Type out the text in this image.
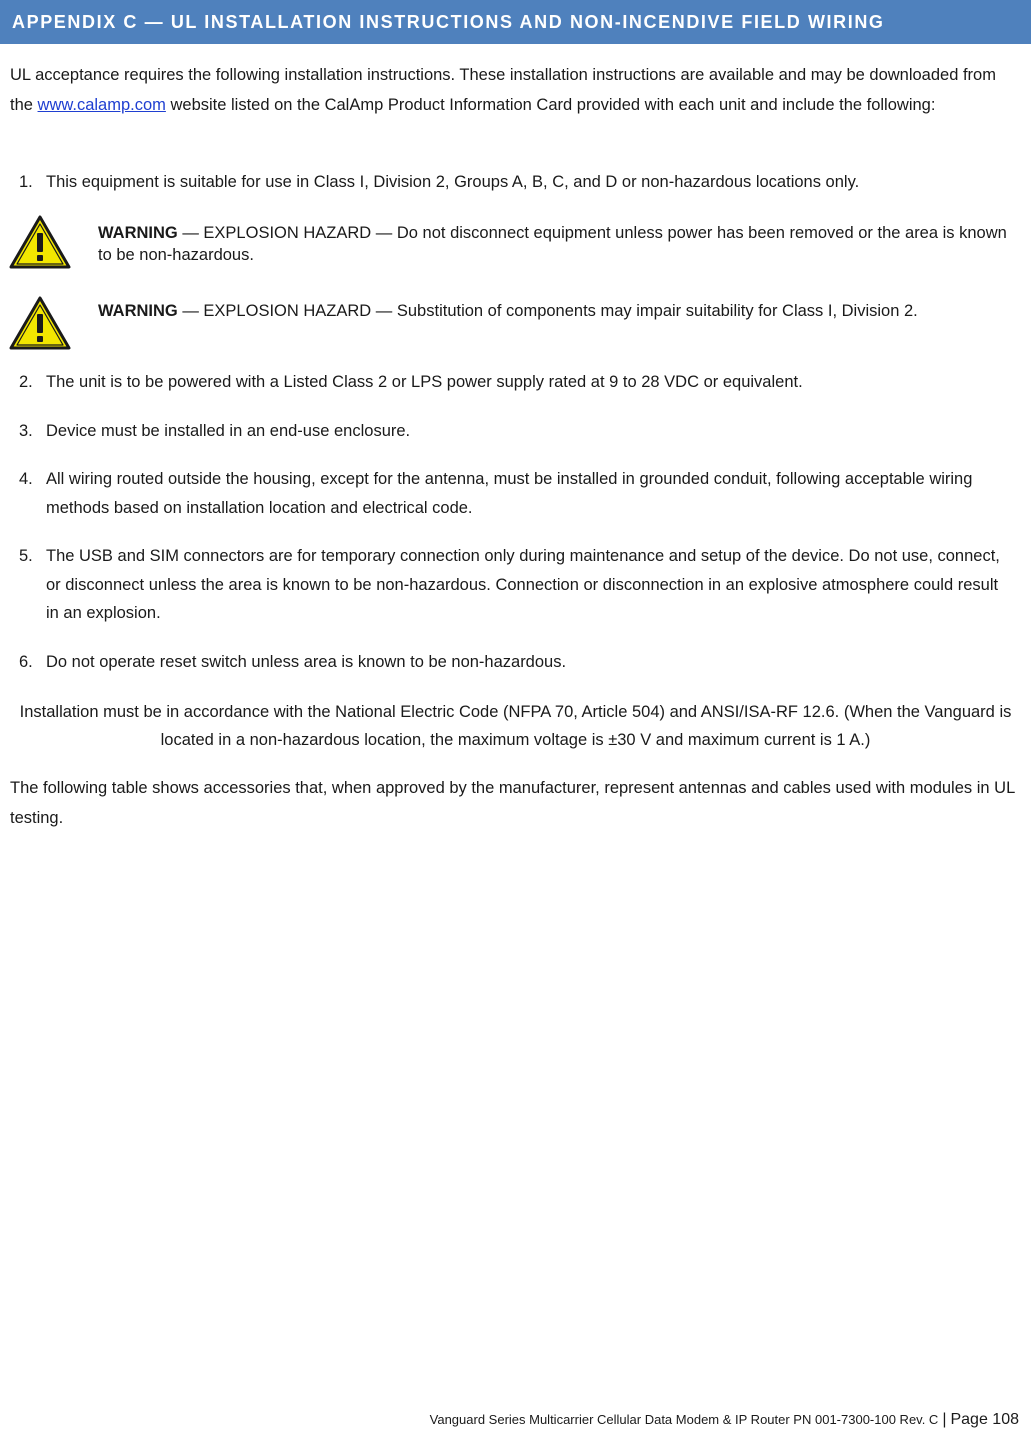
APPENDIX C — UL INSTALLATION INSTRUCTIONS AND NON-INCENDIVE FIELD WIRING

UL acceptance requires the following installation instructions. These installation instructions are available and may be downloaded from the www.calamp.com website listed on the CalAmp Product Information Card provided with each unit and include the following:

1. This equipment is suitable for use in Class I, Division 2, Groups A, B, C, and D or non-hazardous locations only.
WARNING — EXPLOSION HAZARD — Do not disconnect equipment unless power has been removed or the area is known to be non-hazardous.
WARNING — EXPLOSION HAZARD — Substitution of components may impair suitability for Class I, Division 2.
2. The unit is to be powered with a Listed Class 2 or LPS power supply rated at 9 to 28 VDC or equivalent.
3. Device must be installed in an end-use enclosure.
4. All wiring routed outside the housing, except for the antenna, must be installed in grounded conduit, following acceptable wiring methods based on installation location and electrical code.
5. The USB and SIM connectors are for temporary connection only during maintenance and setup of the device. Do not use, connect, or disconnect unless the area is known to be non-hazardous. Connection or disconnection in an explosive atmosphere could result in an explosion.
6. Do not operate reset switch unless area is known to be non-hazardous.
Installation must be in accordance with the National Electric Code (NFPA 70, Article 504) and ANSI/ISA-RF 12.6. (When the Vanguard is located in a non-hazardous location, the maximum voltage is ±30 V and maximum current is 1 A.)

The following table shows accessories that, when approved by the manufacturer, represent antennas and cables used with modules in UL testing.

Vanguard Series Multicarrier Cellular Data Modem & IP Router PN 001-7300-100 Rev. C | Page 108
